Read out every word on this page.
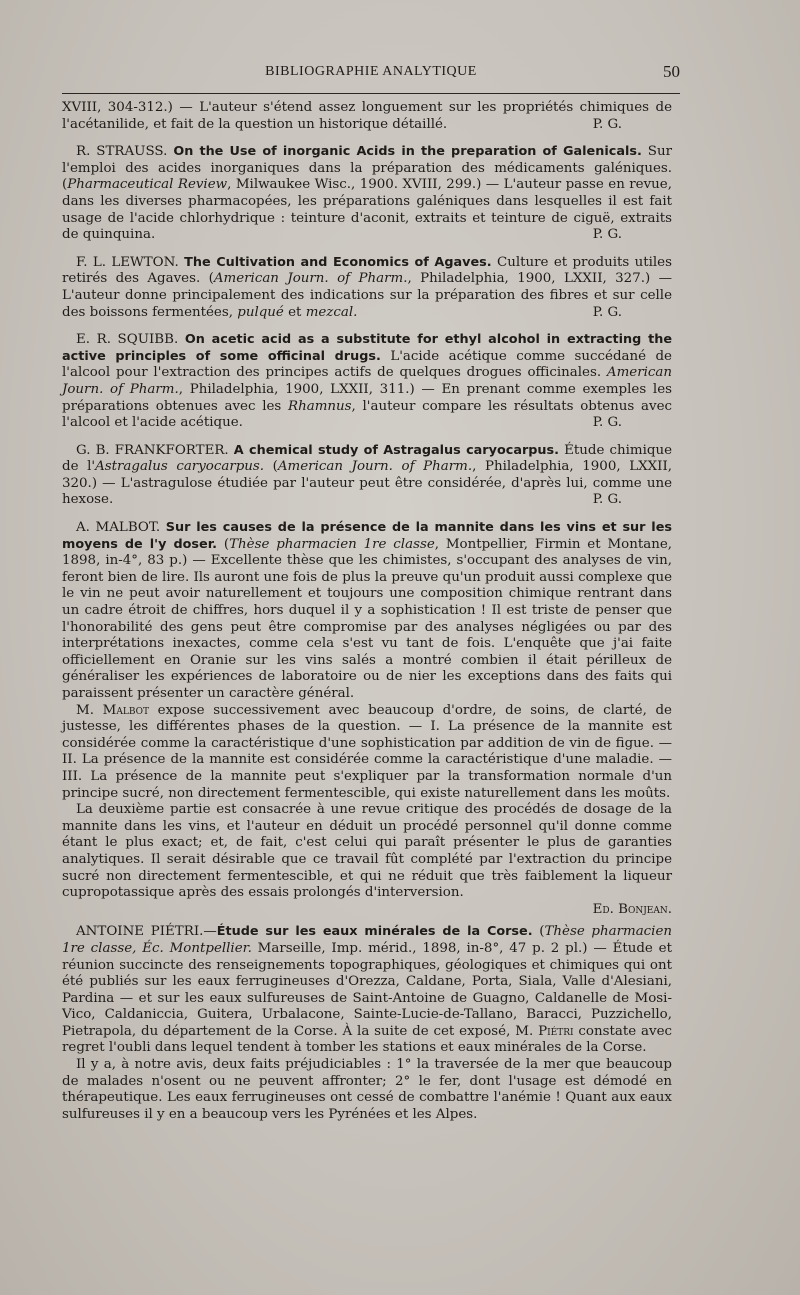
BIBLIOGRAPHIE ANALYTIQUE	50

XVIII, 304-312.) — L'auteur s'étend assez longuement sur les propriétés chimiques de l'acétanilide, et fait de la question un historique détaillé.	P. G.

R. STRAUSS. On the Use of inorganic Acids in the preparation of Galenicals. Sur l'emploi des acides inorganiques dans la préparation des médicaments galéniques. (Pharmaceutical Review, Milwaukee Wisc., 1900. XVIII, 299.) — L'auteur passe en revue, dans les diverses pharmacopées, les préparations galéniques dans lesquelles il est fait usage de l'acide chlorhydrique : teinture d'aconit, extraits et teinture de ciguë, extraits de quinquina.	P. G.

F. L. LEWTON. The Cultivation and Economics of Agaves. Culture et produits utiles retirés des Agaves. (American Journ. of Pharm., Philadelphia, 1900, LXXII, 327.) — L'auteur donne principalement des indications sur la préparation des fibres et sur celle des boissons fermentées, pulqué et mezcal.	P. G.

E. R. SQUIBB. On acetic acid as a substitute for ethyl alcohol in extracting the active principles of some officinal drugs. L'acide acétique comme succédané de l'alcool pour l'extraction des principes actifs de quelques drogues officinales. American Journ. of Pharm., Philadelphia, 1900, LXXII, 311.) — En prenant comme exemples les préparations obtenues avec les Rhamnus, l'auteur compare les résultats obtenus avec l'alcool et l'acide acétique.	P. G.

G. B. FRANKFORTER. A chemical study of Astragalus caryocarpus. Étude chimique de l'Astragalus caryocarpus. (American Journ. of Pharm., Philadelphia, 1900, LXXII, 320.) — L'astragulose étudiée par l'auteur peut être considérée, d'après lui, comme une hexose.	P. G.

A. MALBOT. Sur les causes de la présence de la mannite dans les vins et sur les moyens de l'y doser. (Thèse pharmacien 1re classe, Montpellier, Firmin et Montane, 1898, in-4°, 83 p.) — Excellente thèse que les chimistes, s'occupant des analyses de vin, feront bien de lire. Ils auront une fois de plus la preuve qu'un produit aussi complexe que le vin ne peut avoir naturellement et toujours une composition chimique rentrant dans un cadre étroit de chiffres, hors duquel il y a sophistication ! Il est triste de penser que l'honorabilité des gens peut être compromise par des analyses négligées ou par des interprétations inexactes, comme cela s'est vu tant de fois. L'enquête que j'ai faite officiellement en Oranie sur les vins salés a montré combien il était périlleux de généraliser les expériences de laboratoire ou de nier les exceptions dans des faits qui paraissent présenter un caractère général.

M. Malbot expose successivement avec beaucoup d'ordre, de soins, de clarté, de justesse, les différentes phases de la question. — I. La présence de la mannite est considérée comme la caractéristique d'une sophistication par addition de vin de figue. — II. La présence de la mannite est considérée comme la caractéristique d'une maladie. — III. La présence de la mannite peut s'expliquer par la transformation normale d'un principe sucré, non directement fermentescible, qui existe naturellement dans les moûts.

La deuxième partie est consacrée à une revue critique des procédés de dosage de la mannite dans les vins, et l'auteur en déduit un procédé personnel qu'il donne comme étant le plus exact; et, de fait, c'est celui qui paraît présenter le plus de garanties analytiques. Il serait désirable que ce travail fût complété par l'extraction du principe sucré non directement fermentescible, et qui ne réduit que très faiblement la liqueur cupropotassique après des essais prolongés d'interversion.

Ed. Bonjean.

ANTOINE PIÉTRI.—Étude sur les eaux minérales de la Corse. (Thèse pharmacien 1re classe, Éc. Montpellier. Marseille, Imp. mérid., 1898, in-8°, 47 p. 2 pl.) — Étude et réunion succincte des renseignements topographiques, géologiques et chimiques qui ont été publiés sur les eaux ferrugineuses d'Orezza, Caldane, Porta, Siala, Valle d'Alesiani, Pardina — et sur les eaux sulfureuses de Saint-Antoine de Guagno, Caldanelle de Mosi-Vico, Caldaniccia, Guitera, Urbalacone, Sainte-Lucie-de-Tallano, Baracci, Puzzichello, Pietrapola, du département de la Corse. À la suite de cet exposé, M. Piétri constate avec regret l'oubli dans lequel tendent à tomber les stations et eaux minérales de la Corse.

Il y a, à notre avis, deux faits préjudiciables : 1° la traversée de la mer que beaucoup de malades n'osent ou ne peuvent affronter; 2° le fer, dont l'usage est démodé en thérapeutique. Les eaux ferrugineuses ont cessé de combattre l'anémie ! Quant aux eaux sulfureuses il y en a beaucoup vers les Pyrénées et les Alpes.
